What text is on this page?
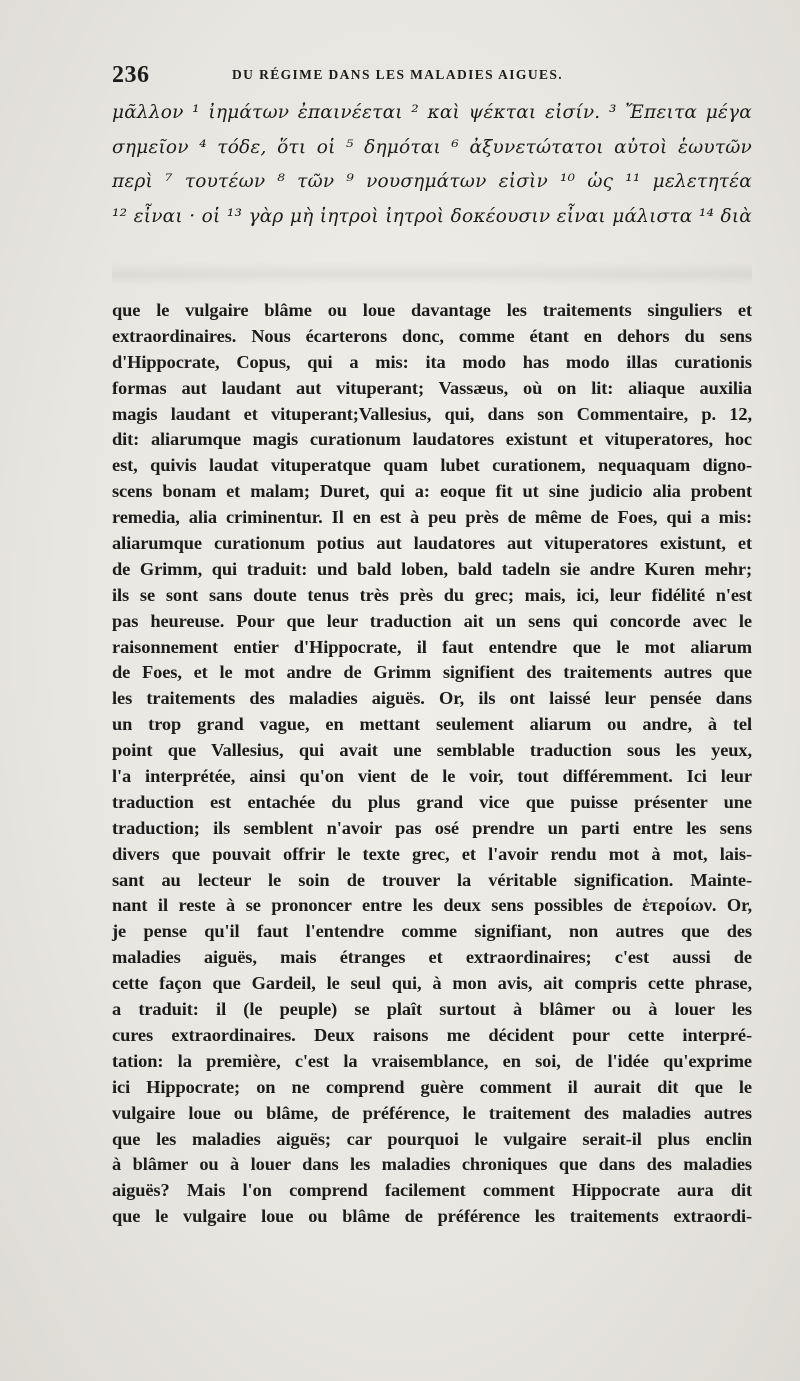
236	DU RÉGIME DANS LES MALADIES AIGUES.
μᾶλλον ¹ ἰημάτων ἐπαινέεται ² καὶ ψέκται εἰσίν. ³ Ἔπειτα μέγα
σημεῖον ⁴ τόδε, ὅτι οἱ ⁵ δημόται ⁶ ἀξυνετώτατοι αὐτοὶ ἑωυτῶν
περὶ ⁷ τουτέων ⁸ τῶν ⁹ νουσημάτων εἰσὶν ¹⁰ ὡς ¹¹ μελετητέα
¹² εἶναι · οἱ ¹³ γὰρ μὴ ἰητροὶ ἰητροὶ δοκέουσιν εἶναι μάλιστα ¹⁴ διὰ
que le vulgaire blâme ou loue davantage les traitements singuliers et
extraordinaires. Nous écarterons donc, comme étant en dehors du sens
d'Hippocrate, Copus, qui a mis: ita modo has modo illas curationis
formas aut laudant aut vituperant; Vassæus, où on lit: aliaque auxilia
magis laudant et vituperant;Vallesius, qui, dans son Commentaire, p. 12,
dit: aliarumque magis curationum laudatores existunt et vituperatores, hoc
est, quivis laudat vituperatque quam lubet curationem, nequaquam digno-
scens bonam et malam; Duret, qui a: eoque fit ut sine judicio alia probent
remedia, alia criminentur. Il en est à peu près de même de Foes, qui a mis:
aliarumque curationum potius aut laudatores aut vituperatores existunt, et
de Grimm, qui traduit: und bald loben, bald tadeln sie andre Kuren mehr;
ils se sont sans doute tenus très près du grec; mais, ici, leur fidélité n'est
pas heureuse. Pour que leur traduction ait un sens qui concorde avec le
raisonnement entier d'Hippocrate, il faut entendre que le mot aliarum
de Foes, et le mot andre de Grimm signifient des traitements autres que
les traitements des maladies aiguës. Or, ils ont laissé leur pensée dans
un trop grand vague, en mettant seulement aliarum ou andre, à tel
point que Vallesius, qui avait une semblable traduction sous les yeux,
l'a interprétée, ainsi qu'on vient de le voir, tout différemment. Ici leur
traduction est entachée du plus grand vice que puisse présenter une
traduction; ils semblent n'avoir pas osé prendre un parti entre les sens
divers que pouvait offrir le texte grec, et l'avoir rendu mot à mot, lais-
sant au lecteur le soin de trouver la véritable signification. Mainte-
nant il reste à se prononcer entre les deux sens possibles de ἑτεροίων. Or,
je pense qu'il faut l'entendre comme signifiant, non autres que des
maladies aiguës, mais étranges et extraordinaires; c'est aussi de
cette façon que Gardeil, le seul qui, à mon avis, ait compris cette phrase,
a traduit: il (le peuple) se plaît surtout à blâmer ou à louer les
cures extraordinaires. Deux raisons me décident pour cette interpré-
tation: la première, c'est la vraisemblance, en soi, de l'idée qu'exprime
ici Hippocrate; on ne comprend guère comment il aurait dit que le
vulgaire loue ou blâme, de préférence, le traitement des maladies autres
que les maladies aiguës; car pourquoi le vulgaire serait-il plus enclin
à blâmer ou à louer dans les maladies chroniques que dans des maladies
aiguës? Mais l'on comprend facilement comment Hippocrate aura dit
que le vulgaire loue ou blâme de préférence les traitements extraordi-
